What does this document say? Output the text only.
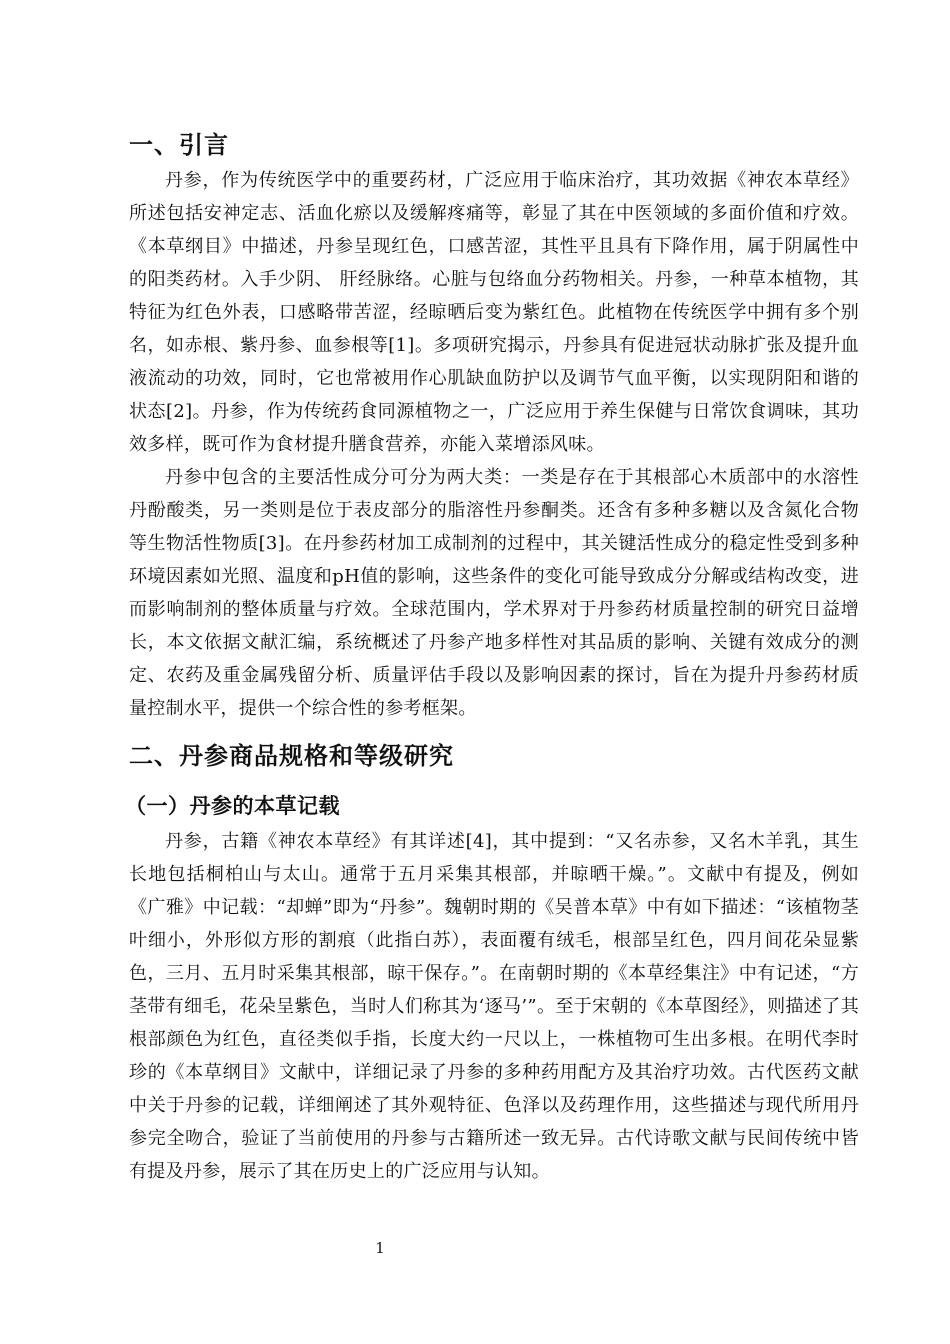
一、引言

丹参，作为传统医学中的重要药材，广泛应用于临床治疗，其功效据《神农本草经》所述包括安神定志、活血化瘀以及缓解疼痛等，彰显了其在中医领域的多面价值和疗效。 《本草纲目》中描述，丹参呈现红色，口感苦涩，其性平且具有下降作用，属于阴属性中的阳类药材。入手少阴、 肝经脉络。心脏与包络血分药物相关。丹参，一种草本植物，其特征为红色外表，口感略带苦涩，经晾晒后变为紫红色。此植物在传统医学中拥有多个别名，如赤根、紫丹参、血参根等[1]。多项研究揭示，丹参具有促进冠状动脉扩张及提升血液流动的功效，同时，它也常被用作心肌缺血防护以及调节气血平衡，以实现阴阳和谐的状态[2]。丹参，作为传统药食同源植物之一，广泛应用于养生保健与日常饮食调味，其功效多样，既可作为食材提升膳食营养，亦能入菜增添风味。

丹参中包含的主要活性成分可分为两大类：一类是存在于其根部心木质部中的水溶性丹酚酸类，另一类则是位于表皮部分的脂溶性丹参酮类。还含有多种多糖以及含氮化合物等生物活性物质[3]。在丹参药材加工成制剂的过程中，其关键活性成分的稳定性受到多种环境因素如光照、温度和pH值的影响，这些条件的变化可能导致成分分解或结构改变，进而影响制剂的整体质量与疗效。全球范围内，学术界对于丹参药材质量控制的研究日益增长，本文依据文献汇编，系统概述了丹参产地多样性对其品质的影响、关键有效成分的测定、农药及重金属残留分析、质量评估手段以及影响因素的探讨，旨在为提升丹参药材质量控制水平，提供一个综合性的参考框架。

二、丹参商品规格和等级研究
（一）丹参的本草记载

丹参，古籍《神农本草经》有其详述[4]，其中提到：“又名赤参，又名木羊乳，其生长地包括桐柏山与太山。通常于五月采集其根部，并晾晒干燥。”。文献中有提及，例如《广雅》中记载：“却蝉”即为“丹参”。魏朝时期的《吴普本草》中有如下描述：“该植物茎叶细小，外形似方形的割痕（此指白苏），表面覆有绒毛，根部呈红色，四月间花朵显紫色，三月、五月时采集其根部，晾干保存。”。在南朝时期的《本草经集注》中有记述，“方茎带有细毛，花朵呈紫色，当时人们称其为‘逐马’”。至于宋朝的《本草图经》，则描述了其根部颜色为红色，直径类似手指，长度大约一尺以上，一株植物可生出多根。在明代李时珍的《本草纲目》文献中，详细记录了丹参的多种药用配方及其治疗功效。古代医药文献中关于丹参的记载，详细阐述了其外观特征、色泽以及药理作用，这些描述与现代所用丹参完全吻合，验证了当前使用的丹参与古籍所述一致无异。古代诗歌文献与民间传统中皆有提及丹参，展示了其在历史上的广泛应用与认知。

1
